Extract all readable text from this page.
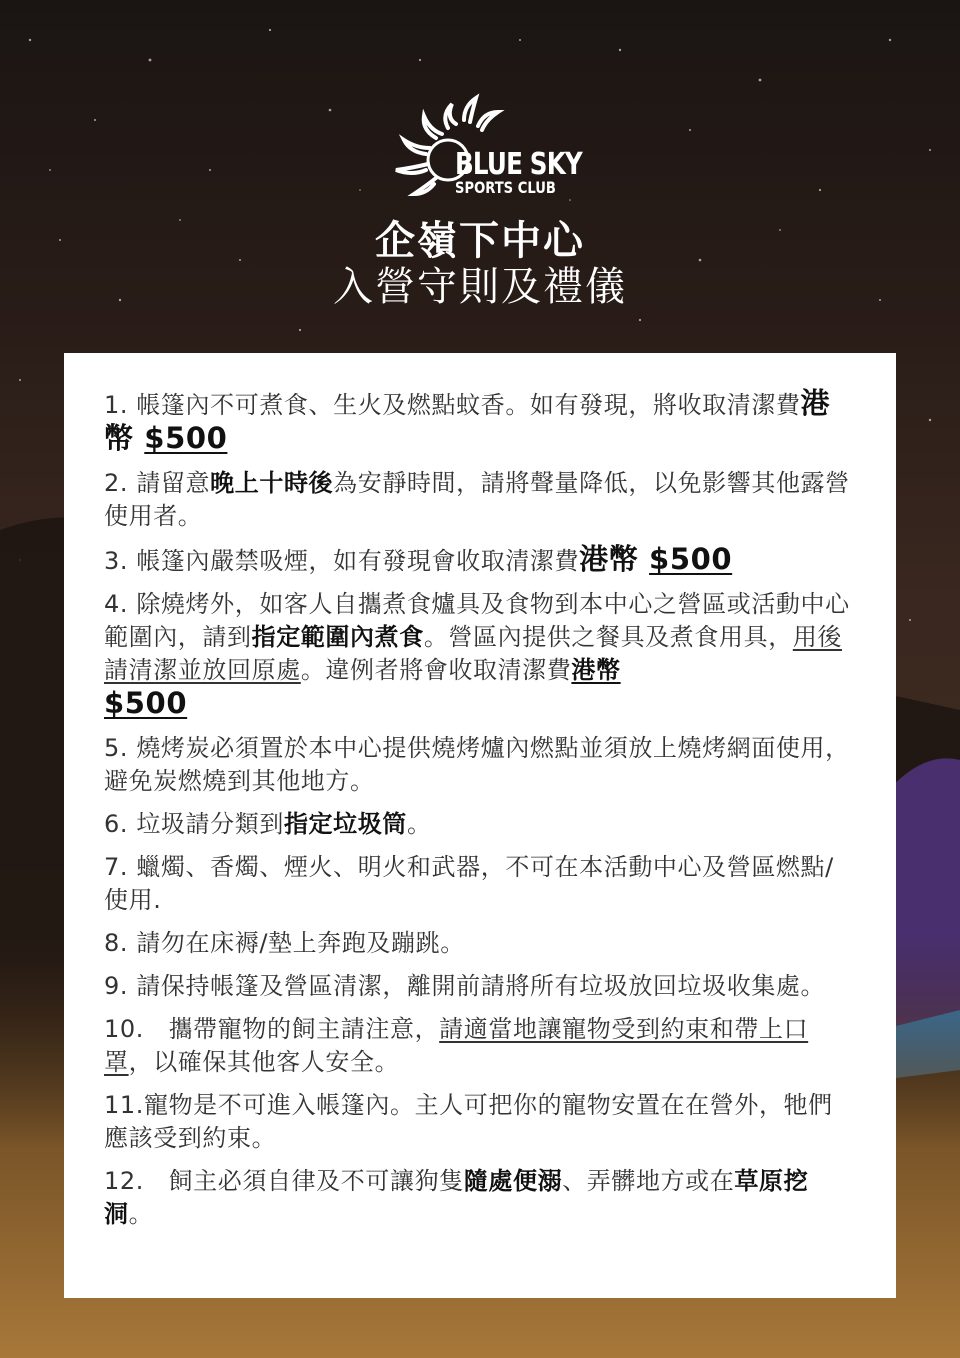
BLUE SKY
SPORTS CLUB
企嶺下中心
入營守則及禮儀

1. 帳篷內不可煮食、生火及燃點蚊香。如有發現，將收取清潔費港幣 $500

2. 請留意晚上十時後為安靜時間，請將聲量降低，以免影響其他露營使用者。

3. 帳篷內嚴禁吸煙，如有發現會收取清潔費港幣 $500

4. 除燒烤外，如客人自攜煮食爐具及食物到本中心之營區或活動中心範圍內，請到指定範圍內煮食。營區內提供之餐具及煮食用具，用後請清潔並放回原處。違例者將會收取清潔費港幣
$500

5. 燒烤炭必須置於本中心提供燒烤爐內燃點並須放上燒烤網面使用，避免炭燃燒到其他地方。

6. 垃圾請分類到指定垃圾筒。

7. 蠟燭、香燭、煙火、明火和武器，不可在本活動中心及營區燃點/使用.

8. 請勿在床褥/墊上奔跑及蹦跳。

9. 請保持帳篷及營區清潔，離開前請將所有垃圾放回垃圾收集處。

10.　攜帶寵物的飼主請注意，請適當地讓寵物受到約束和帶上口罩，以確保其他客人安全。

11.寵物是不可進入帳篷內。主人可把你的寵物安置在在營外，牠們應該受到約束。

12.　飼主必須自律及不可讓狗隻隨處便溺、弄髒地方或在草原挖洞。
